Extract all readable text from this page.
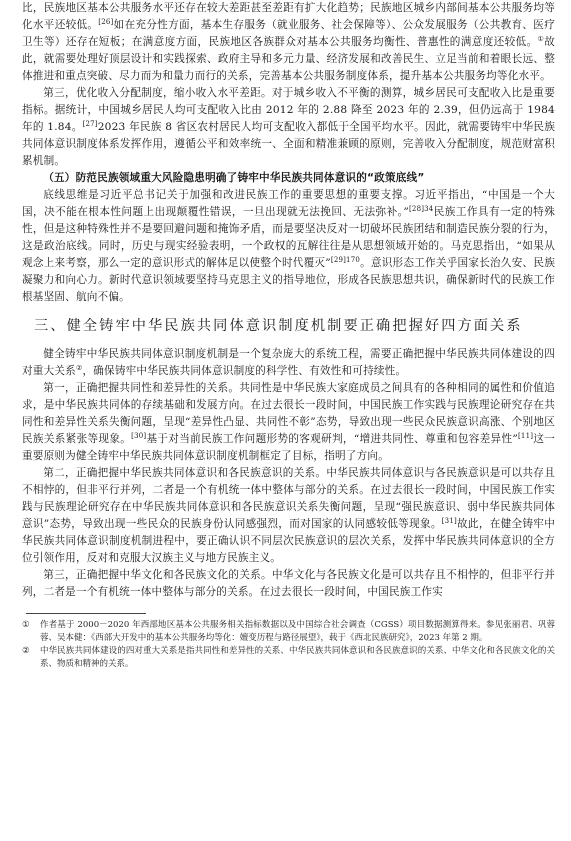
比，民族地区基本公共服务水平还存在较大差距甚至差距有扩大化趋势；民族地区城乡内部间基本公共服务均等化水平还较低。[26]如在充分性方面，基本生存服务（就业服务、社会保障等）、公众发展服务（公共教育、医疗卫生等）还存在短板；在满意度方面，民族地区各族群众对基本公共服务均衡性、普惠性的满意度还较低。①故此，就需要处理好顶层设计和实践探索、政府主导和多元力量、经济发展和改善民生、立足当前和着眼长远、整体推进和重点突破、尽力而为和量力而行的关系，完善基本公共服务制度体系，提升基本公共服务均等化水平。

第三，优化收入分配制度，缩小收入水平差距。对于城乡收入不平衡的测算，城乡居民可支配收入比是重要指标。据统计，中国城乡居民人均可支配收入比由 2012 年的 2.88 降至 2023 年的 2.39，但仍远高于 1984 年的 1.84。[27]2023 年民族 8 省区农村居民人均可支配收入都低于全国平均水平。因此，就需要铸牢中华民族共同体意识制度体系发挥作用，遵循公平和效率统一、全面和精准兼顾的原则，完善收入分配制度，规范财富积累机制。

（五）防范民族领域重大风险隐患明确了铸牢中华民族共同体意识的“政策底线”

底线思维是习近平总书记关于加强和改进民族工作的重要思想的重要支撑。习近平指出，“中国是一个大国，决不能在根本性问题上出现颠覆性错误，一旦出现就无法挽回、无法弥补。”$^{[28]34}$民族工作具有一定的特殊性，但是这种特殊性并不是要回避问题和掩饰矛盾，而是要坚决反对一切破坏民族团结和制造民族分裂的行为，这是政治底线。同时，历史与现实经验表明，一个政权的瓦解往往是从思想领域开始的。马克思指出，“如果从观念上来考察，那么一定的意识形式的解体足以使整个时代覆灭”$^{[29]170}$。意识形态工作关乎国家长治久安、民族凝聚力和向心力。新时代意识领域要坚持马克思主义的指导地位，形成各民族思想共识，确保新时代的民族工作根基坚固、航向不偏。

三、健全铸牢中华民族共同体意识制度机制要正确把握好四方面关系

健全铸牢中华民族共同体意识制度机制是一个复杂庞大的系统工程，需要正确把握中华民族共同体建设的四对重大关系②，确保铸牢中华民族共同体意识制度的科学性、有效性和可持续性。

第一，正确把握共同性和差异性的关系。共同性是中华民族大家庭成员之间具有的各种相同的属性和价值追求，是中华民族共同体的存续基础和发展方向。在过去很长一段时间，中国民族工作实践与民族理论研究存在共同性和差异性关系失衡问题，呈现“差异性凸显、共同性不彰”态势，导致出现一些民众民族意识高涨、个别地区民族关系紧张等现象。[30]基于对当前民族工作问题形势的客观研判，“增进共同性、尊重和包容差异性”[11]这一重要原则为健全铸牢中华民族共同体意识制度机制框定了目标，指明了方向。

第二，正确把握中华民族共同体意识和各民族意识的关系。中华民族共同体意识与各民族意识是可以共存且不相悖的，但非平行并列，二者是一个有机统一体中整体与部分的关系。在过去很长一段时间，中国民族工作实践与民族理论研究存在中华民族共同体意识和各民族意识关系失衡问题，呈现“强民族意识、弱中华民族共同体意识”态势，导致出现一些民众的民族身份认同感强烈，而对国家的认同感较低等现象。[31]故此，在健全铸牢中华民族共同体意识制度机制进程中，要正确认识不同层次民族意识的层次关系，发挥中华民族共同体意识的全方位引领作用，反对和克服大汉族主义与地方民族主义。

第三，正确把握中华文化和各民族文化的关系。中华文化与各民族文化是可以共存且不相悖的，但非平行并列，二者是一个有机统一体中整体与部分的关系。在过去很长一段时间，中国民族工作实

① 作者基于 2000－2020 年西部地区基本公共服务相关指标数据以及中国综合社会调查（CGSS）项目数据测算得来。参见张丽君、巩蓉蓉、吴本健：《西部大开发中的基本公共服务均等化：嬗变历程与路径展望》，载于《西北民族研究》，2023 年第 2 期。
② 中华民族共同体建设的四对重大关系是指共同性和差异性的关系、中华民族共同体意识和各民族意识的关系、中华文化和各民族文化的关系、物质和精神的关系。
